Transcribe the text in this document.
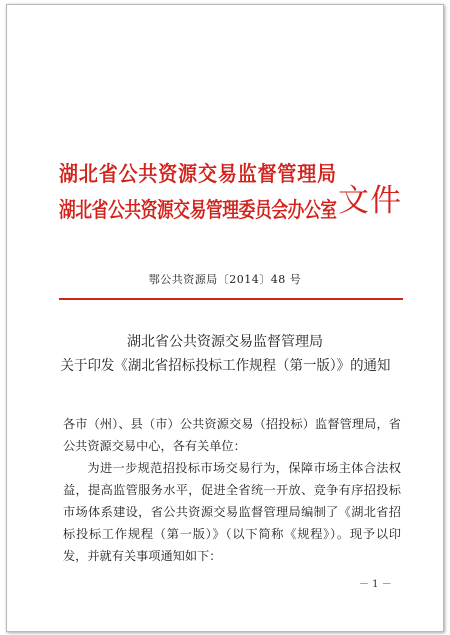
湖北省公共资源交易监督管理局
湖北省公共资源交易管理委员会办公室 文件
鄂公共资源局〔2014〕48 号
湖北省公共资源交易监督管理局
关于印发《湖北省招标投标工作规程（第一版）》的通知

各市（州）、县（市）公共资源交易（招投标）监督管理局，省公共资源交易中心，各有关单位：

为进一步规范招投标市场交易行为，保障市场主体合法权益，提高监管服务水平，促进全省统一开放、竞争有序招投标市场体系建设，省公共资源交易监督管理局编制了《湖北省招标投标工作规程（第一版）》（以下简称《规程》）。现予以印发，并就有关事项通知如下：

－ 1 －
